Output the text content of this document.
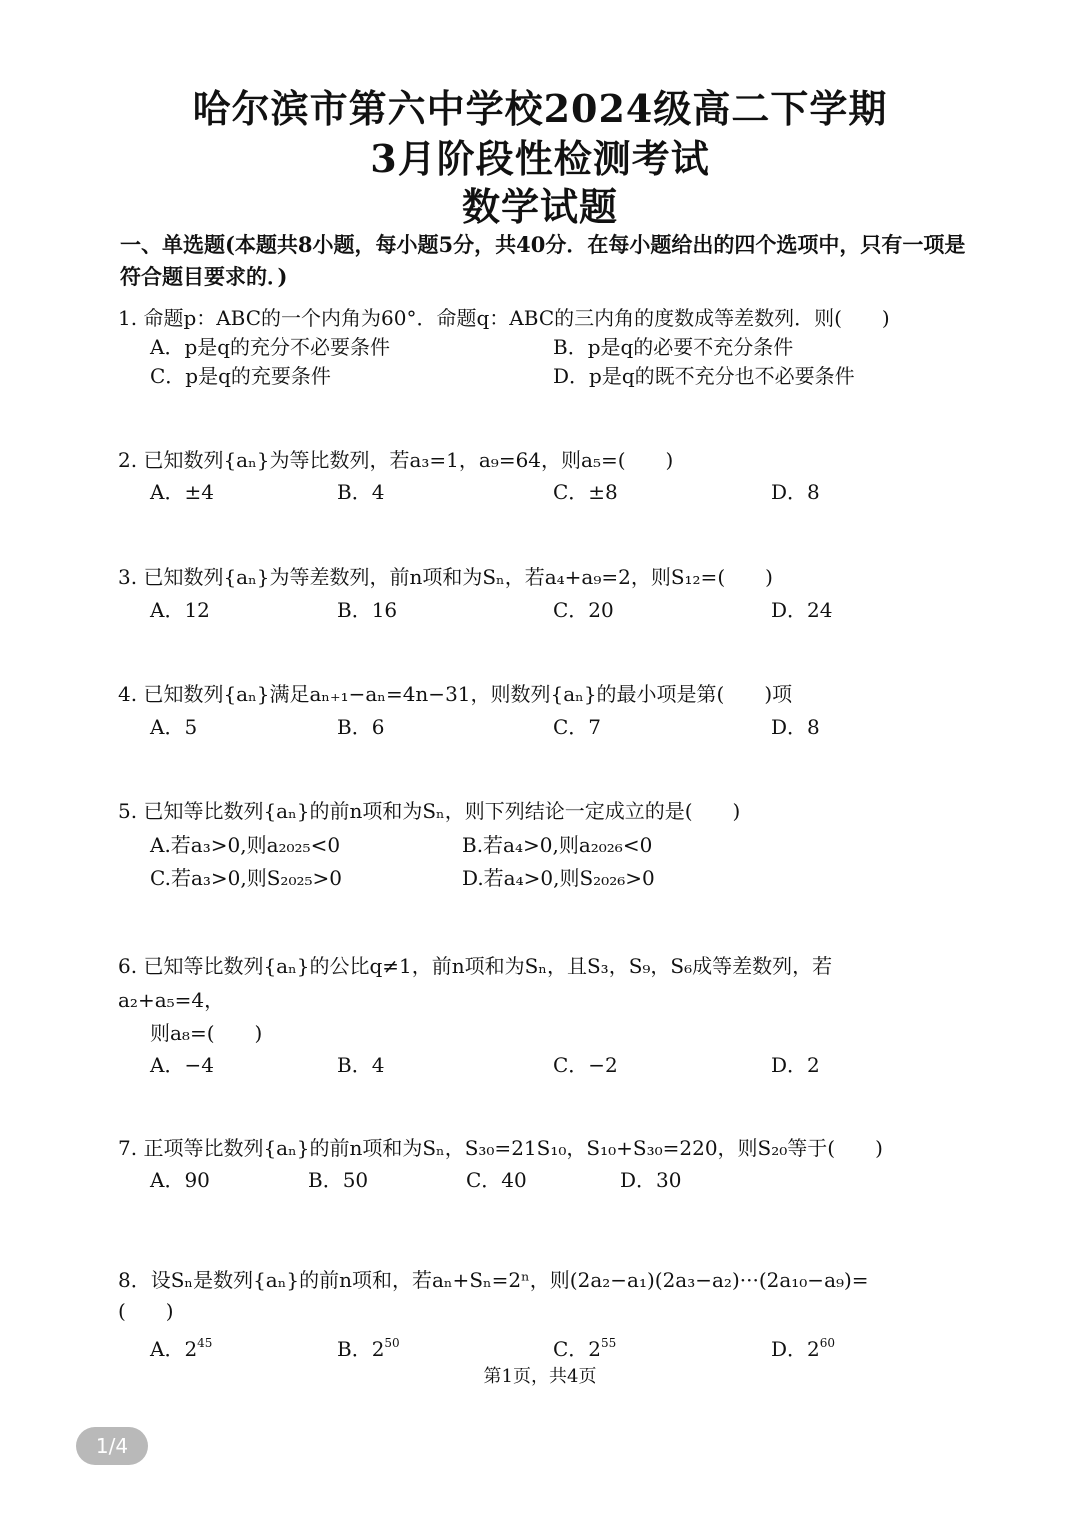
哈尔滨市第六中学校2024级高二下学期
3月阶段性检测考试
数学试题
一、单选题(本题共8小题，每小题5分，共40分．在每小题给出的四个选项中，只有一项是符合题目要求的．)
1. 命题p：ABC的一个内角为60°．命题q：ABC的三内角的度数成等差数列．则(　　)
A．p是q的充分不必要条件	B．p是q的必要不充分条件
C．p是q的充要条件	D．p是q的既不充分也不必要条件
2. 已知数列{aₙ}为等比数列，若a₃=1，a₉=64，则a₅=(　　)
A．±4	B．4	C．±8	D．8
3. 已知数列{aₙ}为等差数列，前n项和为Sₙ，若a₄+a₉=2，则S₁₂=(　　)
A．12	B．16	C．20	D．24
4. 已知数列{aₙ}满足aₙ₊₁−aₙ=4n−31，则数列{aₙ}的最小项是第(　　)项
A．5	B．6	C．7	D．8
5. 已知等比数列{aₙ}的前n项和为Sₙ，则下列结论一定成立的是(　　)
A.若a₃>0,则a₂₀₂₅<0	B.若a₄>0,则a₂₀₂₆<0
C.若a₃>0,则S₂₀₂₅>0	D.若a₄>0,则S₂₀₂₆>0
6. 已知等比数列{aₙ}的公比q≠1，前n项和为Sₙ，且S₃，S₉，S₆成等差数列，若
a₂+a₅=4，
则a₈=(　　)
A．−4	B．4	C．−2	D．2
7. 正项等比数列{aₙ}的前n项和为Sₙ，S₃₀=21S₁₀，S₁₀+S₃₀=220，则S₂₀等于(　　)
A．90	B．50	C．40	D．30
8．设Sₙ是数列{aₙ}的前n项和，若aₙ+Sₙ=2ⁿ，则(2a₂−a₁)(2a₃−a₂)···(2a₁₀−a₉)=
(　　)
A．$2^{45}$	B．$2^{50}$	C．$2^{55}$	D．$2^{60}$
第1页，共4页
1/4
